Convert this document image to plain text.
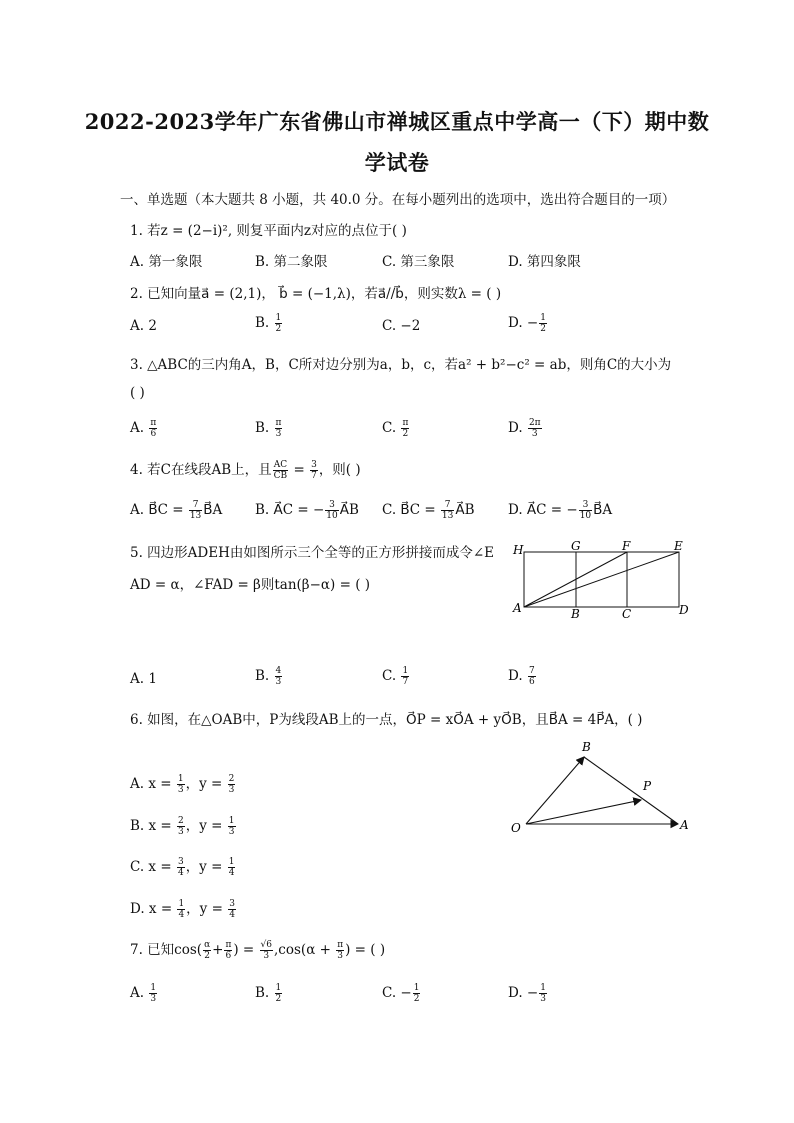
2022-2023学年广东省佛山市禅城区重点中学高一（下）期中数
学试卷
一、单选题（本大题共 8 小题，共 40.0 分。在每小题列出的选项中，选出符合题目的一项）
1. 若z = (2−i)², 则复平面内z对应的点位于( )
A. 第一象限	B. 第二象限	C. 第三象限	D. 第四象限
2. 已知向量a⃗ = (2,1)， b⃗ = (−1,λ)，若a⃗//b⃗，则实数λ = ( )
A. 2	B. $\frac{1}{2}$	C. −2	D. − $\frac{1}{2}$
3. △ABC的三内角A，B，C所对边分别为a，b，c，若a² + b²−c² = ab，则角C的大小为
( )
A. $\frac{\pi}{6}$	B. $\frac{\pi}{3}$	C. $\frac{\pi}{2}$	D. $\frac{2\pi}{3}$
4. 若C在线段AB上，且 $\frac{AC}{CB} = \frac{3}{7}$ ，则( )
A. B⃗C = $\frac{7}{13}$ B⃗A B. A⃗C = − $\frac{3}{10}$ A⃗B C. B⃗C = $\frac{7}{13}$ A⃗B D. A⃗C = − $\frac{3}{10}$ B⃗A
5. 四边形ADEH由如图所示三个全等的正方形拼接而成令∠E
AD = α，∠FAD = β则tan(β−α) = ( )
H	G	F	E
A	B	C	D
A. 1	B. $\frac{4}{3}$	C. $\frac{1}{7}$	D. $\frac{7}{6}$
6. 如图，在△OAB中，P为线段AB上的一点，O⃗P = xO⃗A + yO⃗B，且B⃗A = 4P⃗A，( )
B
P
O	A
A. $x = \frac{1}{3}$ ，$y = \frac{2}{3}$
B. $x = \frac{2}{3}$ ，$y = \frac{1}{3}$
C. $x = \frac{3}{4}$ ，$y = \frac{1}{4}$
D. $x = \frac{1}{4}$ ，$y = \frac{3}{4}$
7. 已知$\cos( \frac{\alpha}{2} + \frac{\pi}{6}$ ) = $\frac{√6}{3} ,\cos(\alpha + \frac{\pi}{3}$ ) = ( )
A. $\frac{1}{3}$	B. $\frac{1}{2}$	C. − $\frac{1}{2}$	D. − $\frac{1}{3}$
